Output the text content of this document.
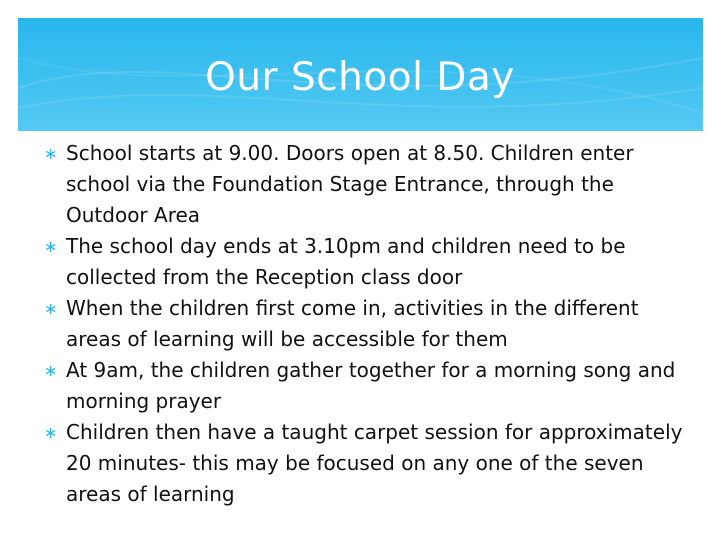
Our School Day
∗ School starts at 9.00. Doors open at 8.50. Children enter school via the Foundation Stage Entrance, through the Outdoor Area
∗ The school day ends at 3.10pm and children need to be collected from the Reception class door
∗ When the children first come in, activities in the different areas of learning will be accessible for them
∗ At 9am, the children gather together for a morning song and morning prayer
∗ Children then have a taught carpet session for approximately 20 minutes- this may be focused on any one of the seven areas of learning
